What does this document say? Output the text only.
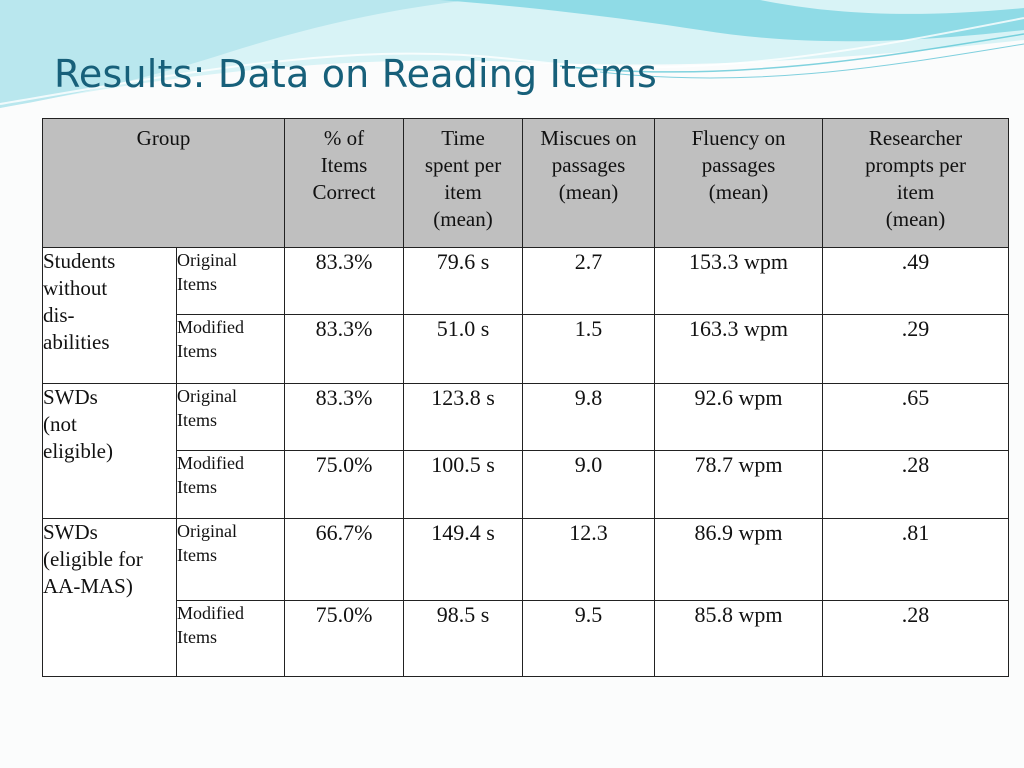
Results: Data on Reading Items
Group		% of
Items
Correct	Time
spent per
item
(mean)	Miscues on
passages
(mean)	Fluency on
passages
(mean)	Researcher
prompts per
item
(mean)

Students
without
dis-
abilities	Original
Items	83.3%	79.6 s	2.7	153.3 wpm	.49
	Modified
Items	83.3%	51.0 s	1.5	163.3 wpm	.29
SWDs
(not
eligible)	Original
Items	83.3%	123.8 s	9.8	92.6 wpm	.65
	Modified
Items	75.0%	100.5 s	9.0	78.7 wpm	.28
SWDs
(eligible for
AA-MAS)	Original
Items	66.7%	149.4 s	12.3	86.9 wpm	.81
	Modified
Items	75.0%	98.5 s	9.5	85.8 wpm	.28
